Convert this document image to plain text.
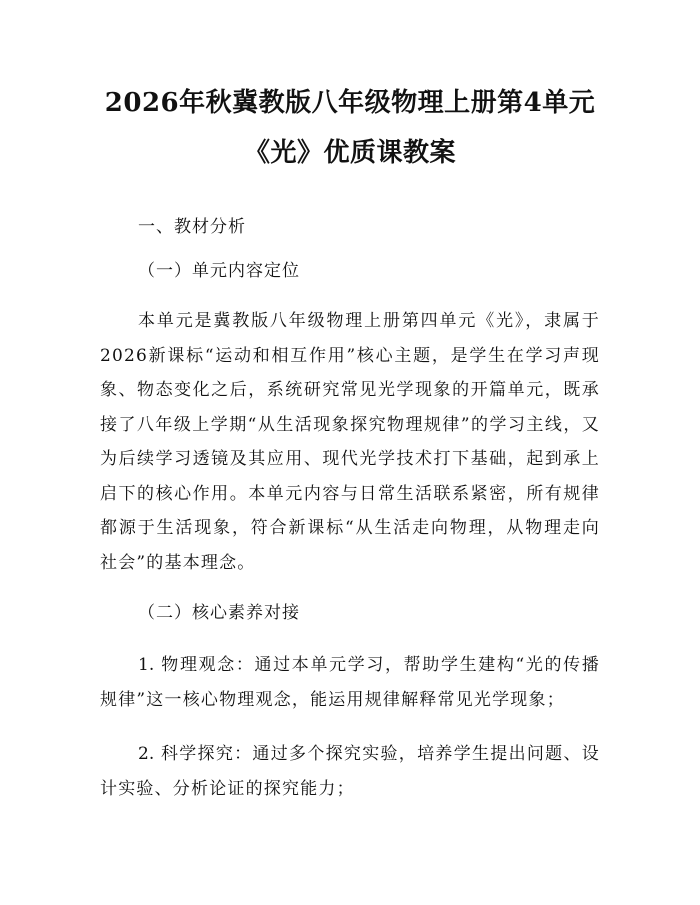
2026年秋冀教版八年级物理上册第4单元
《光》优质课教案

一、教材分析

（一）单元内容定位

本单元是冀教版八年级物理上册第四单元《光》，隶属于2026新课标“运动和相互作用”核心主题，是学生在学习声现象、物态变化之后，系统研究常见光学现象的开篇单元，既承接了八年级上学期“从生活现象探究物理规律”的学习主线，又为后续学习透镜及其应用、现代光学技术打下基础，起到承上启下的核心作用。本单元内容与日常生活联系紧密，所有规律都源于生活现象，符合新课标“从生活走向物理，从物理走向社会”的基本理念。

（二）核心素养对接

1. 物理观念：通过本单元学习，帮助学生建构“光的传播规律”这一核心物理观念，能运用规律解释常见光学现象；

2. 科学探究：通过多个探究实验，培养学生提出问题、设计实验、分析论证的探究能力；
